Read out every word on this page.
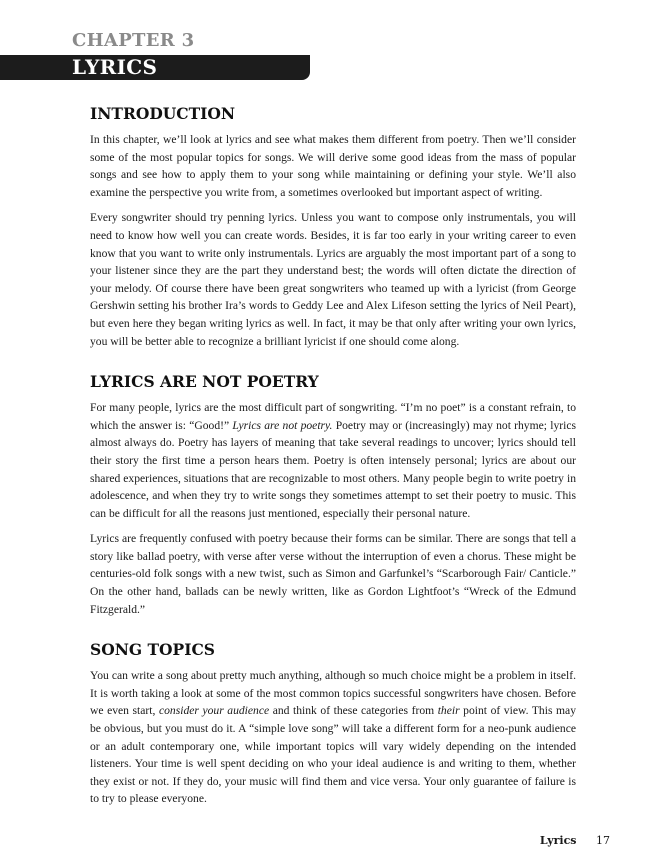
CHAPTER 3
LYRICS
INTRODUCTION

In this chapter, we’ll look at lyrics and see what makes them different from poetry. Then we’ll consider some of the most popular topics for songs. We will derive some good ideas from the mass of popular songs and see how to apply them to your song while maintaining or defining your style. We’ll also examine the perspective you write from, a sometimes overlooked but important aspect of writing.

Every songwriter should try penning lyrics. Unless you want to compose only instrumentals, you will need to know how well you can create words. Besides, it is far too early in your writing career to even know that you want to write only instrumentals. Lyrics are arguably the most important part of a song to your listener since they are the part they understand best; the words will often dictate the direction of your melody. Of course there have been great songwriters who teamed up with a lyricist (from George Gershwin setting his brother Ira’s words to Geddy Lee and Alex Lifeson setting the lyrics of Neil Peart), but even here they began writing lyrics as well. In fact, it may be that only after writing your own lyrics, you will be better able to recognize a brilliant lyricist if one should come along.

LYRICS ARE NOT POETRY

For many people, lyrics are the most difficult part of songwriting. “I’m no poet” is a constant refrain, to which the answer is: “Good!” Lyrics are not poetry. Poetry may or (increasingly) may not rhyme; lyrics almost always do. Poetry has layers of meaning that take several readings to uncover; lyrics should tell their story the first time a person hears them. Poetry is often intensely personal; lyrics are about our shared experiences, situations that are recognizable to most others. Many people begin to write poetry in adolescence, and when they try to write songs they sometimes attempt to set their poetry to music. This can be difficult for all the reasons just mentioned, especially their personal nature.

Lyrics are frequently confused with poetry because their forms can be similar. There are songs that tell a story like ballad poetry, with verse after verse without the interruption of even a chorus. These might be centuries-old folk songs with a new twist, such as Simon and Garfunkel’s “Scarborough Fair/ Canticle.” On the other hand, ballads can be newly written, like as Gordon Lightfoot’s “Wreck of the Edmund Fitzgerald.”

SONG TOPICS

You can write a song about pretty much anything, although so much choice might be a problem in itself. It is worth taking a look at some of the most common topics successful songwriters have chosen. Before we even start, consider your audience and think of these categories from their point of view. This may be obvious, but you must do it. A “simple love song” will take a different form for a neo-punk audience or an adult contemporary one, while important topics will vary widely depending on the intended listeners. Your time is well spent deciding on who your ideal audience is and writing to them, whether they exist or not. If they do, your music will find them and vice versa. Your only guarantee of failure is to try to please everyone.

Lyrics 17
